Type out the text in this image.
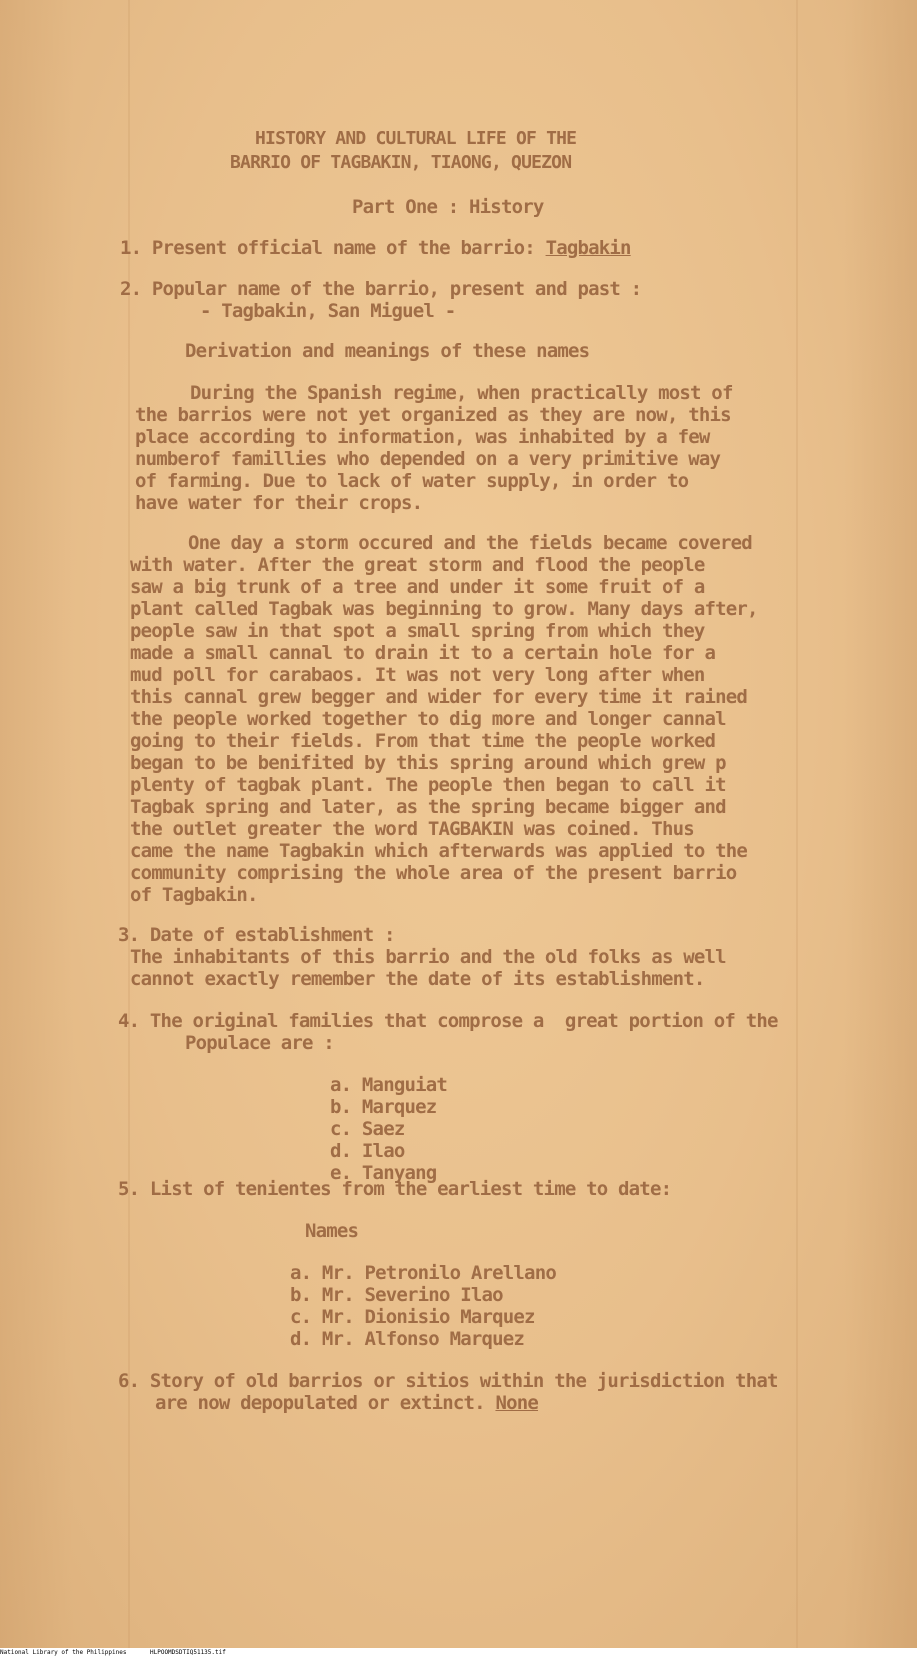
HISTORY AND CULTURAL LIFE OF THE
BARRIO OF TAGBAKIN, TIAONG, QUEZON
Part One : History
1. Present official name of the barrio: Tagbakin
2. Popular name of the barrio, present and past :
- Tagbakin, San Miguel -
Derivation and meanings of these names
During the Spanish regime, when practically most of
the barrios were not yet organized as they are now, this
place according to information, was inhabited by a few
numberof famillies who depended on a very primitive way
of farming. Due to lack of water supply, in order to
have water for their crops.
One day a storm occured and the fields became covered
with water. After the great storm and flood the people
saw a big trunk of a tree and under it some fruit of a
plant called Tagbak was beginning to grow. Many days after,
people saw in that spot a small spring from which they
made a small cannal to drain it to a certain hole for a
mud poll for carabaos. It was not very long after when
this cannal grew begger and wider for every time it rained
the people worked together to dig more and longer cannal
going to their fields. From that time the people worked
began to be benifited by this spring around which grew p
plenty of tagbak plant. The people then began to call it
Tagbak spring and later, as the spring became bigger and
the outlet greater the word TAGBAKIN was coined. Thus
came the name Tagbakin which afterwards was applied to the
community comprising the whole area of the present barrio
of Tagbakin.
3. Date of establishment :
The inhabitants of this barrio and the old folks as well
cannot exactly remember the date of its establishment.
4. The original families that comprose a  great portion of the
Populace are :
a. Manguiat
b. Marquez
c. Saez
d. Ilao
e. Tanyang
5. List of tenientes from the earliest time to date:
Names
a. Mr. Petronilo Arellano
b. Mr. Severino Ilao
c. Mr. Dionisio Marquez
d. Mr. Alfonso Marquez
6. Story of old barrios or sitios within the jurisdiction that
are now depopulated or extinct. None
National Library of the Philippines	HLPOOMDSDTIQ51135.tif
